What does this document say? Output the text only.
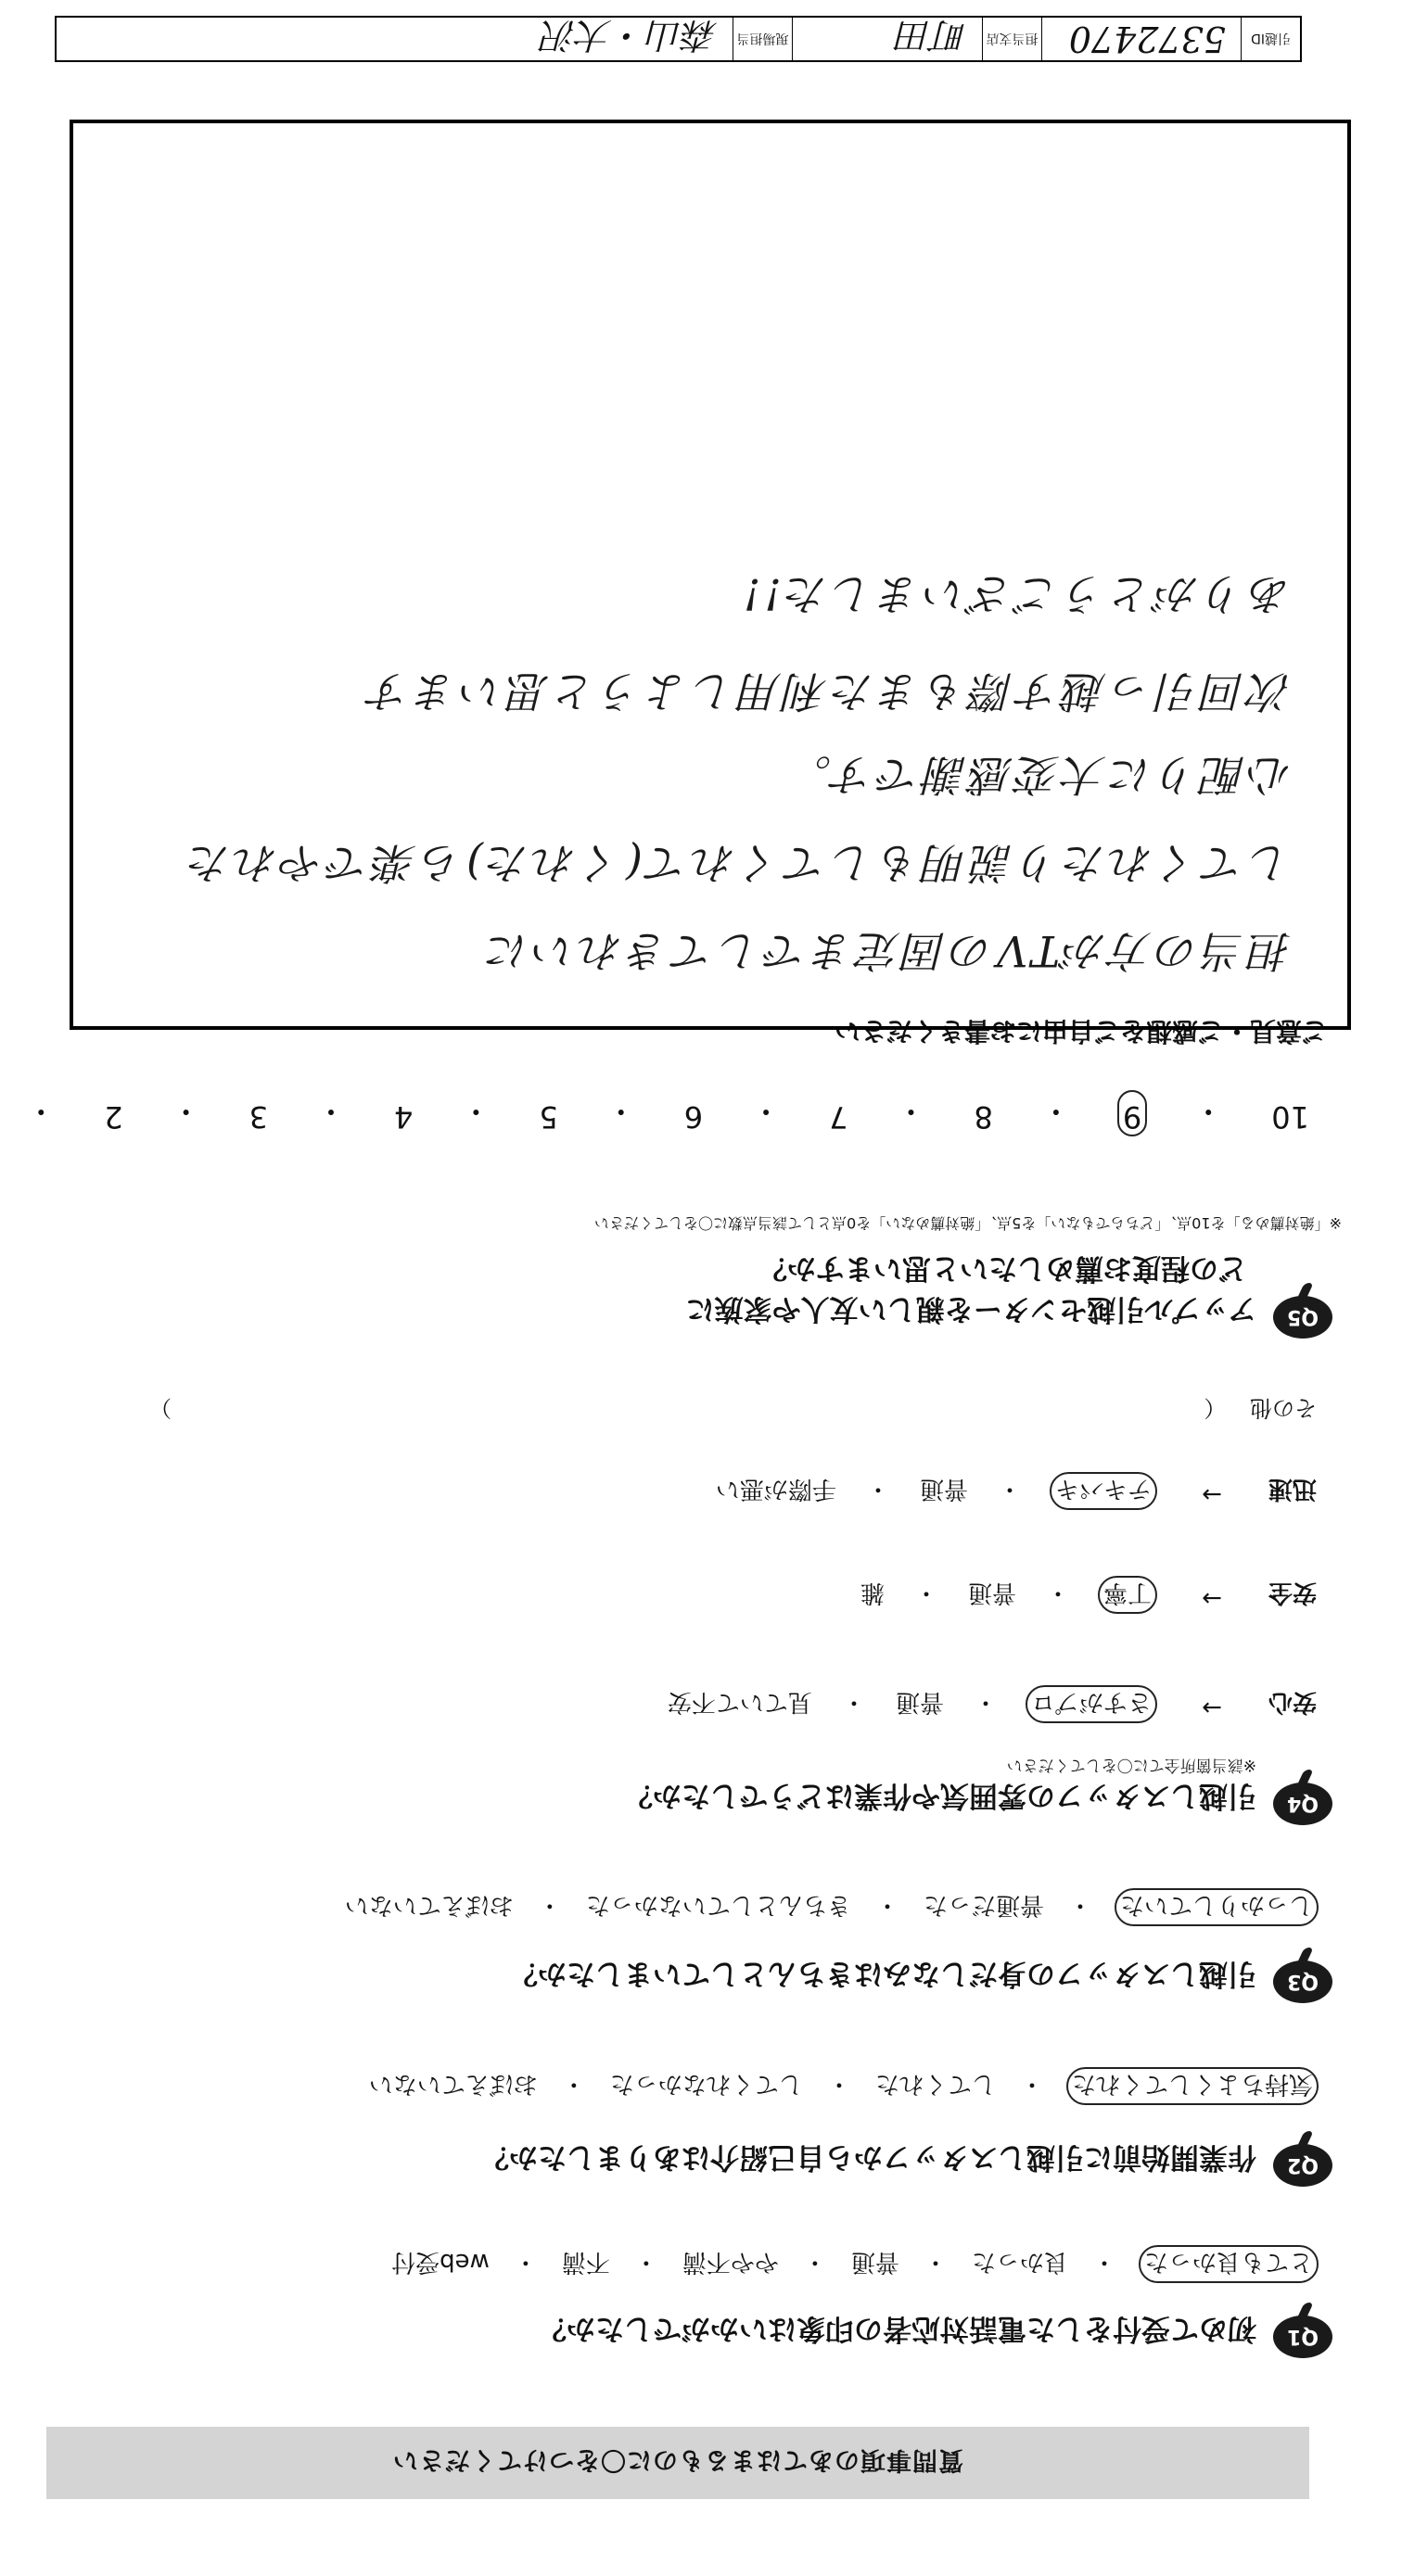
引越ID
5372470
担当支店
町田
現場担当
森山・大沢
質問事項のあてはまるものに〇をつけてください
Q1
初めて受付をした電話対応者の印象はいかがでしたか？
とても良かった
・
良かった
・
普通
・
やや不満
・
不満
・
web受付
Q2
作業開始前に引越しスタッフから自己紹介はありましたか？
気持ちよくしてくれた
・
してくれた
・
してくれなかった
・
おぼえていない
Q3
引越しスタッフの身だしなみはきちんとしていましたか？
しっかりしていた
・
普通だった
・
きちんとしていなかった
・
おぼえていない
Q4
引越しスタッフの雰囲気や作業はどうでしたか？
※該当箇所全てに〇をしてください
安心
→
さすがプロ
・
普通
・
見ていて不安
安全
→
丁寧
・
普通
・
雑
迅速
→
テキパキ
・
普通
・
手際が悪い
その他 （
）
Q5
アップル引越センターを親しい友人や家族に
どの程度お薦めしたいと思いますか？
※「絶対薦める」を10点、「どちらでもない」を5点、「絶対薦めない」を0点として該当点数に〇をしてください
10
・
9
・
8
・
7
・
6
・
5
・
4
・
3
・
2
・
ご意見・ご感想をご自由にお書きください
担当の方がTVの固定までしてきれいに
してくれたり説明もしてくれて(くれた)ら楽でやれた
心配りに大変感謝です。
次回引っ越す際もまた利用しようと思います
ありがとうございました!!
